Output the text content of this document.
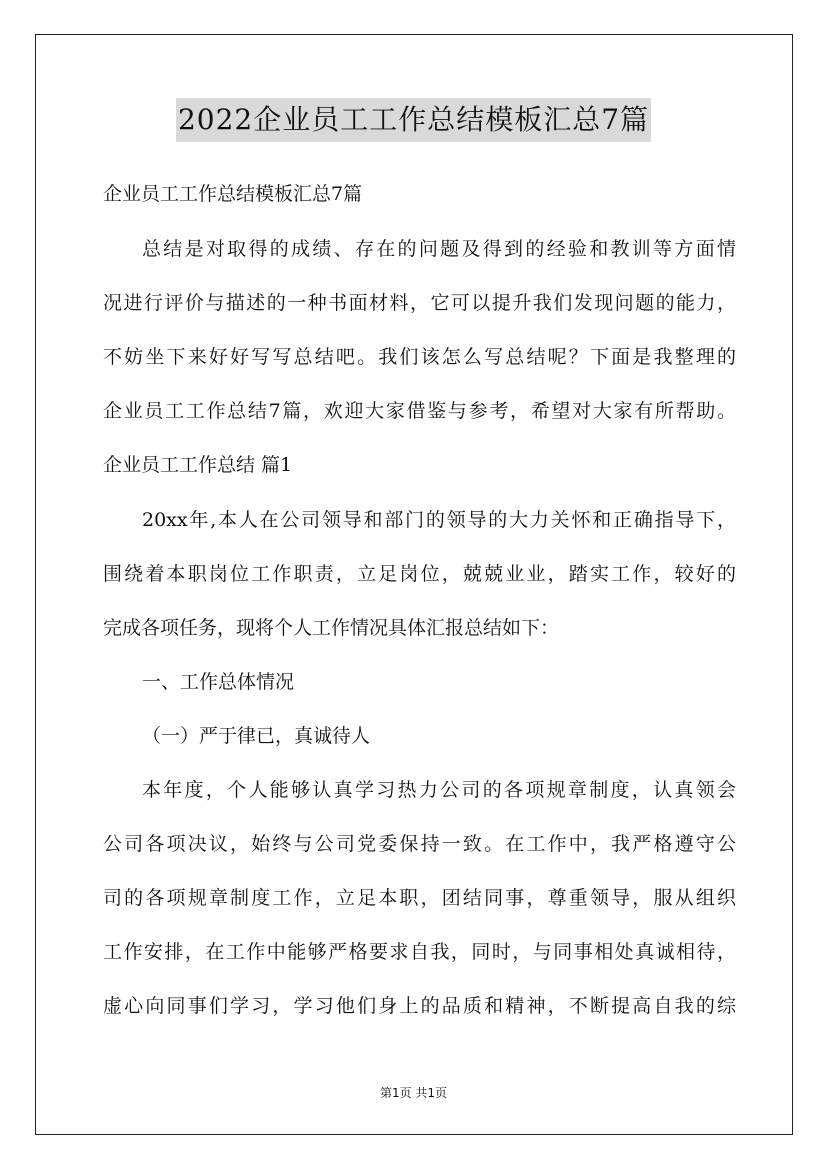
2022企业员工工作总结模板汇总7篇
企业员工工作总结模板汇总7篇
总结是对取得的成绩、存在的问题及得到的经验和教训等方面情
况进行评价与描述的一种书面材料，它可以提升我们发现问题的能力，
不妨坐下来好好写写总结吧。我们该怎么写总结呢？下面是我整理的
企业员工工作总结7篇，欢迎大家借鉴与参考，希望对大家有所帮助。
企业员工工作总结 篇1
20xx年,本人在公司领导和部门的领导的大力关怀和正确指导下，
围绕着本职岗位工作职责，立足岗位，兢兢业业，踏实工作，较好的
完成各项任务，现将个人工作情况具体汇报总结如下：
一、工作总体情况
（一）严于律已，真诚待人
本年度，个人能够认真学习热力公司的各项规章制度，认真领会
公司各项决议，始终与公司党委保持一致。在工作中，我严格遵守公
司的各项规章制度工作，立足本职，团结同事，尊重领导，服从组织
工作安排，在工作中能够严格要求自我，同时，与同事相处真诚相待，
虚心向同事们学习，学习他们身上的品质和精神，不断提高自我的综
第1页 共1页
